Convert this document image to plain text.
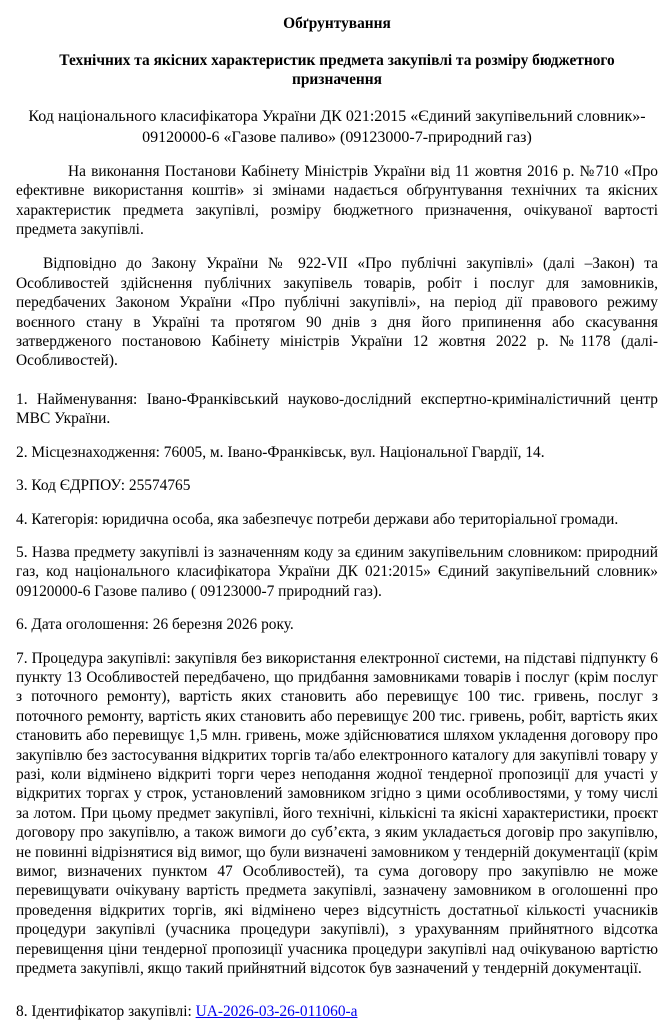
Обґрунтування
Технічних та якісних характеристик предмета закупівлі та розміру бюджетного призначення
Код національного класифікатора України ДК 021:2015 «Єдиний закупівельний словник»- 09120000-6 «Газове паливо» (09123000-7-природний газ)

На виконання Постанови Кабінету Міністрів України від 11 жовтня 2016 р. №710 «Про ефективне використання коштів» зі змінами надається обґрунтування технічних та якісних характеристик предмета закупівлі, розміру бюджетного призначення, очікуваної вартості предмета закупівлі.

Відповідно до Закону України № 922-VIІ «Про публічні закупівлі» (далі –Закон) та Особливостей здійснення публічних закупівель товарів, робіт і послуг для замовників, передбачених Законом України «Про публічні закупівлі», на період дії правового режиму воєнного стану в Україні та протягом 90 днів з дня його припинення або скасування затвердженого постановою Кабінету міністрів України 12 жовтня 2022 р. №1178 (далі-Особливостей).

1. Найменування: Івано-Франківський науково-дослідний експертно-криміналістичний центр МВС України.

2. Місцезнаходження: 76005, м. Івано-Франківськ, вул. Національної Гвардії, 14.

3. Код ЄДРПОУ: 25574765

4. Категорія: юридична особа, яка забезпечує потреби держави або територіальної громади.

5. Назва предмету закупівлі із зазначенням коду за єдиним закупівельним словником: природний газ, код національного класифікатора України ДК 021:2015» Єдиний закупівельний словник» 09120000-6 Газове паливо ( 09123000-7 природний газ).

6. Дата оголошення: 26 березня 2026 року.

7. Процедура закупівлі: закупівля без використання електронної системи, на підставі підпункту 6 пункту 13 Особливостей передбачено, що придбання замовниками товарів і послуг (крім послуг з поточного ремонту), вартість яких становить або перевищує 100 тис. гривень, послуг з поточного ремонту, вартість яких становить або перевищує 200 тис. гривень, робіт, вартість яких становить або перевищує 1,5 млн. гривень, може здійснюватися шляхом укладення договору про закупівлю без застосування відкритих торгів та/або електронного каталогу для закупівлі товару у разі, коли відмінено відкриті торги через неподання жодної тендерної пропозиції для участі у відкритих торгах у строк, установлений замовником згідно з цими особливостями, у тому числі за лотом. При цьому предмет закупівлі, його технічні, кількісні та якісні характеристики, проєкт договору про закупівлю, а також вимоги до суб’єкта, з яким укладається договір про закупівлю, не повинні відрізнятися від вимог, що були визначені замовником у тендерній документації (крім вимог, визначених пунктом 47 Особливостей), та сума договору про закупівлю не може перевищувати очікувану вартість предмета закупівлі, зазначену замовником в оголошенні про проведення відкритих торгів, які відмінено через відсутність достатньої кількості учасників процедури закупівлі (учасника процедури закупівлі), з урахуванням прийнятного відсотка перевищення ціни тендерної пропозиції учасника процедури закупівлі над очікуваною вартістю предмета закупівлі, якщо такий прийнятний відсоток був зазначений у тендерній документації.

8. Ідентифікатор закупівлі: UA-2026-03-26-011060-a
